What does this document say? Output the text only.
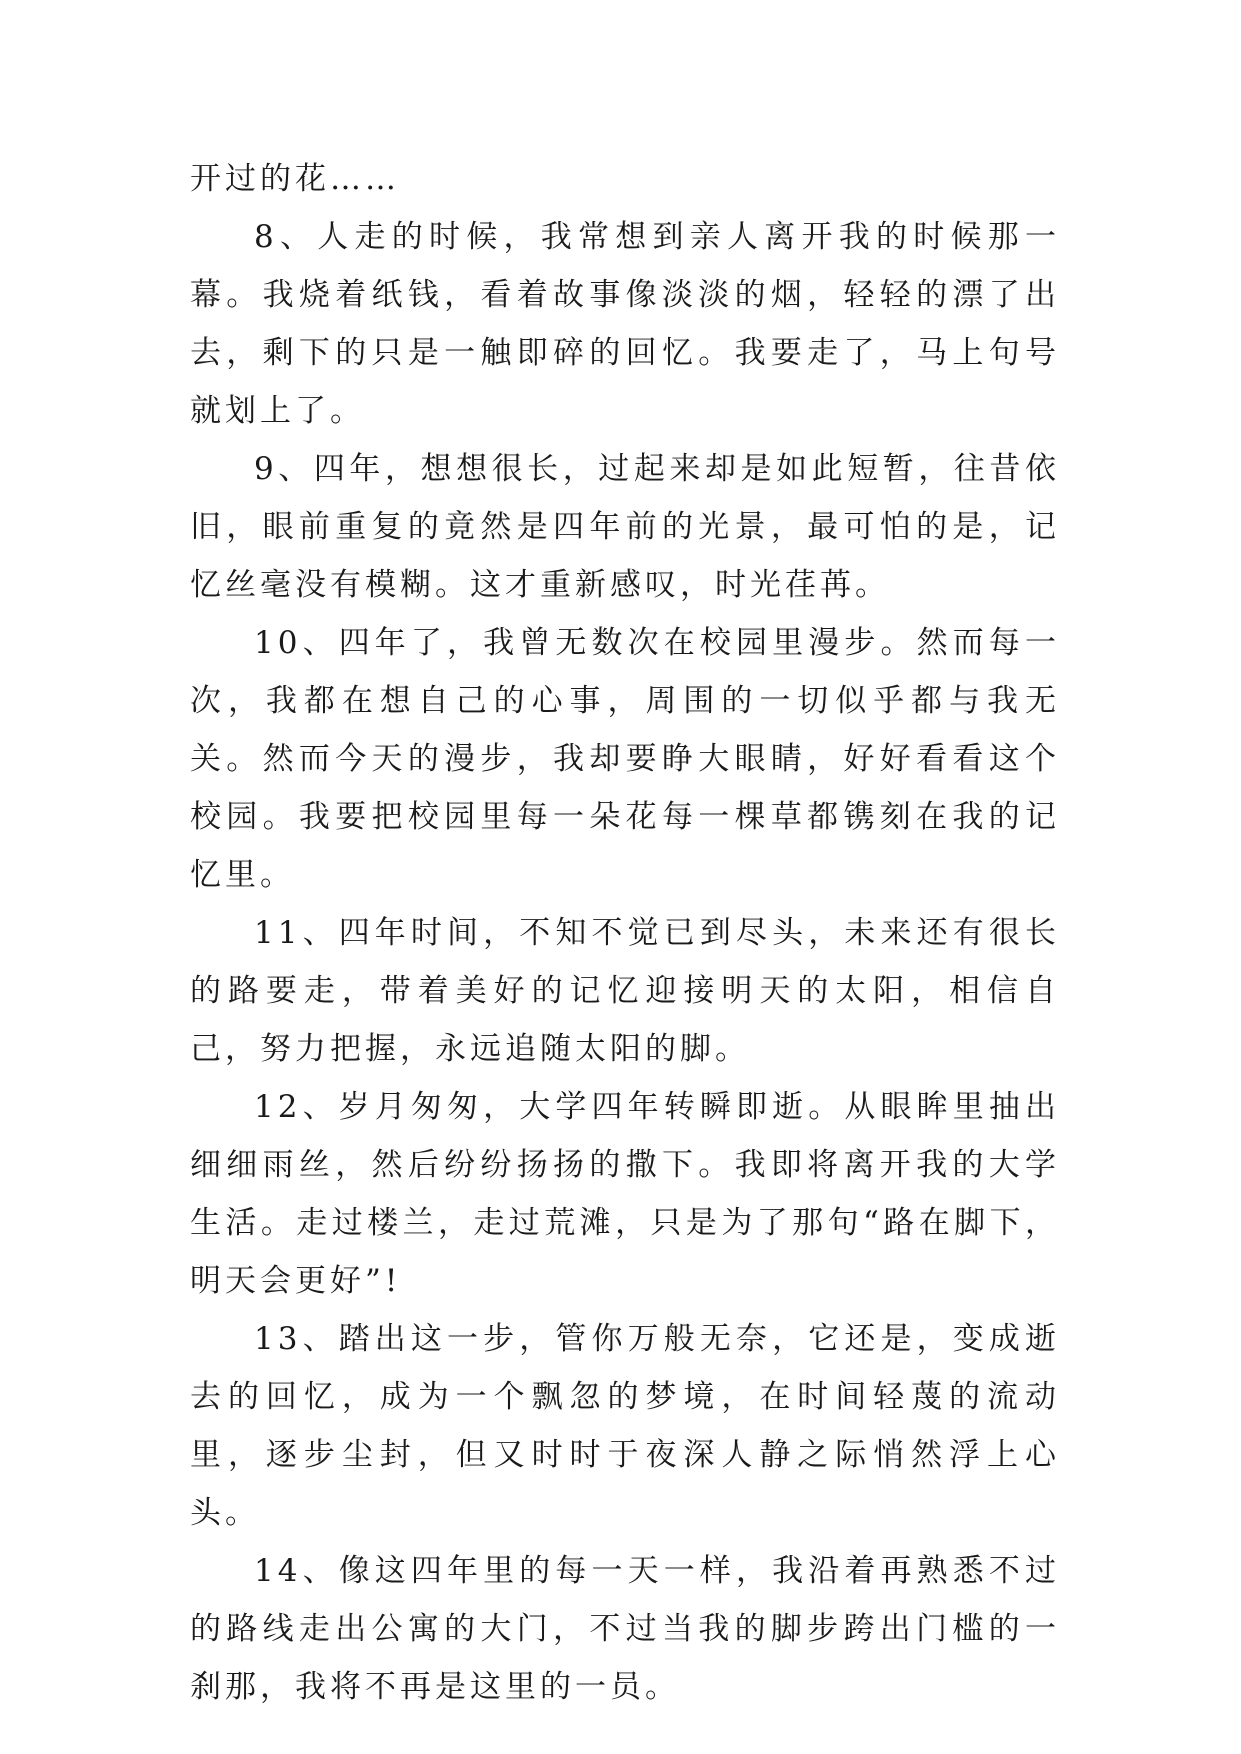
开过的花……

8、人走的时候，我常想到亲人离开我的时候那一幕。我烧着纸钱，看着故事像淡淡的烟，轻轻的漂了出去，剩下的只是一触即碎的回忆。我要走了，马上句号就划上了。

9、四年，想想很长，过起来却是如此短暂，往昔依旧，眼前重复的竟然是四年前的光景，最可怕的是，记忆丝毫没有模糊。这才重新感叹，时光荏苒。

10、四年了，我曾无数次在校园里漫步。然而每一次，我都在想自己的心事，周围的一切似乎都与我无关。然而今天的漫步，我却要睁大眼睛，好好看看这个校园。我要把校园里每一朵花每一棵草都镌刻在我的记忆里。

11、四年时间，不知不觉已到尽头，未来还有很长的路要走，带着美好的记忆迎接明天的太阳，相信自己，努力把握，永远追随太阳的脚。

12、岁月匆匆，大学四年转瞬即逝。从眼眸里抽出细细雨丝，然后纷纷扬扬的撒下。我即将离开我的大学生活。走过楼兰，走过荒滩，只是为了那句“路在脚下，明天会更好”!

13、踏出这一步，管你万般无奈，它还是，变成逝去的回忆，成为一个飘忽的梦境，在时间轻蔑的流动里，逐步尘封，但又时时于夜深人静之际悄然浮上心头。

14、像这四年里的每一天一样，我沿着再熟悉不过的路线走出公寓的大门，不过当我的脚步跨出门槛的一刹那，我将不再是这里的一员。
